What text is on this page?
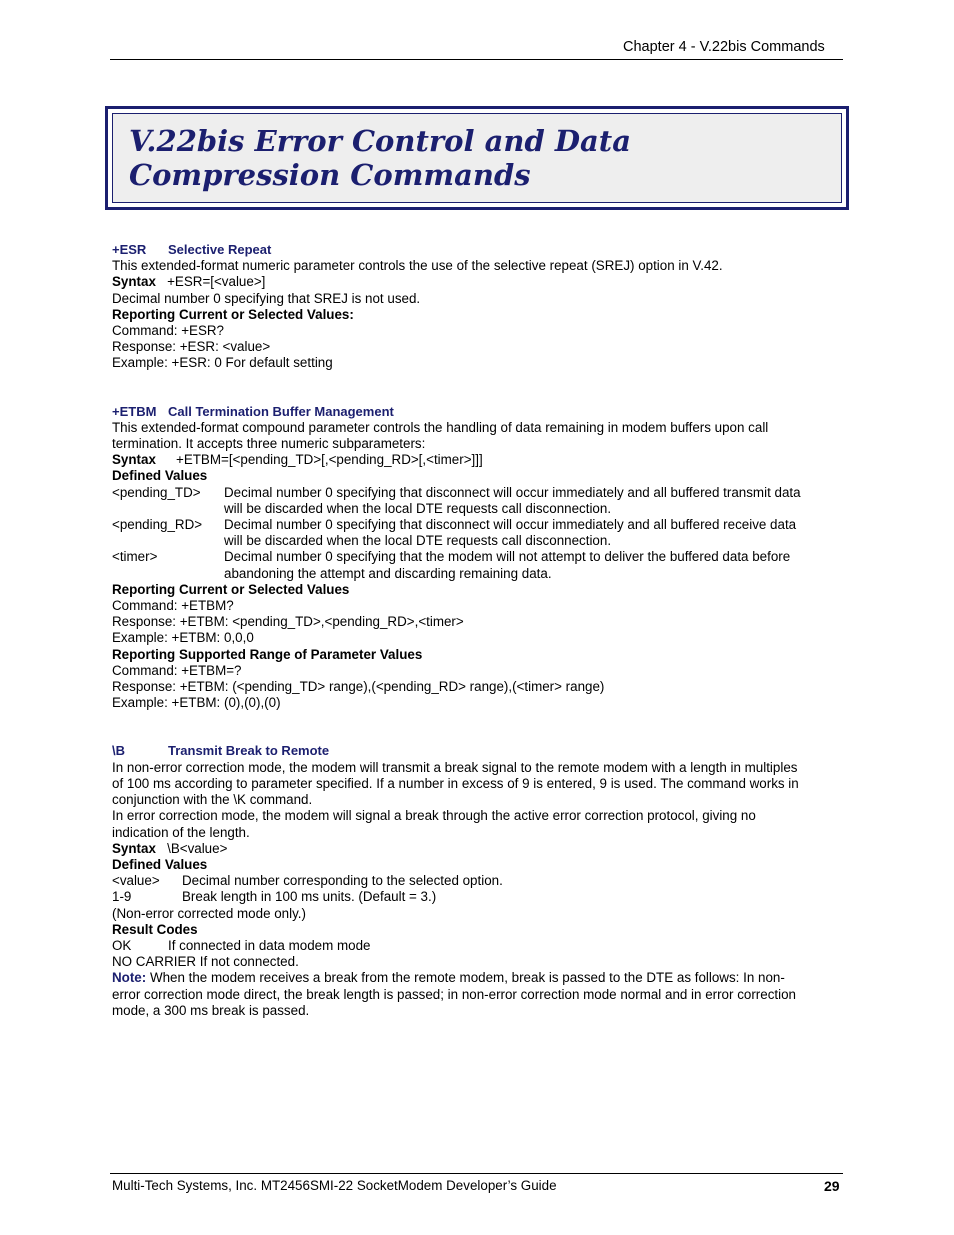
Chapter 4 - V.22bis Commands
V.22bis Error Control and Data
Compression Commands
+ESR Selective Repeat
This extended-format numeric parameter controls the use of the selective repeat (SREJ) option in V.42.
Syntax +ESR=[<value>]
Decimal number 0 specifying that SREJ is not used.
Reporting Current or Selected Values:
Command: +ESR?
Response: +ESR: <value>
Example: +ESR: 0 For default setting
+ETBM Call Termination Buffer Management
This extended-format compound parameter controls the handling of data remaining in modem buffers upon call
termination. It accepts three numeric subparameters:
Syntax +ETBM=[<pending_TD>[,<pending_RD>[,<timer>]]]
Defined Values
<pending_TD>	Decimal number 0 specifying that disconnect will occur immediately and all buffered transmit data
will be discarded when the local DTE requests call disconnection.
<pending_RD>	Decimal number 0 specifying that disconnect will occur immediately and all buffered receive data
will be discarded when the local DTE requests call disconnection.
<timer>	Decimal number 0 specifying that the modem will not attempt to deliver the buffered data before
abandoning the attempt and discarding remaining data.
Reporting Current or Selected Values
Command: +ETBM?
Response: +ETBM: <pending_TD>,<pending_RD>,<timer>
Example: +ETBM: 0,0,0
Reporting Supported Range of Parameter Values
Command: +ETBM=?
Response: +ETBM: (<pending_TD> range),(<pending_RD> range),(<timer> range)
Example: +ETBM: (0),(0),(0)
\B	Transmit Break to Remote
In non-error correction mode, the modem will transmit a break signal to the remote modem with a length in multiples
of 100 ms according to parameter specified. If a number in excess of 9 is entered, 9 is used. The command works in
conjunction with the \K command.
In error correction mode, the modem will signal a break through the active error correction protocol, giving no
indication of the length.
Syntax \B<value>
Defined Values
<value>	Decimal number corresponding to the selected option.
1-9	Break length in 100 ms units. (Default = 3.)
(Non-error corrected mode only.)
Result Codes
OK	If connected in data modem mode
NO CARRIER If not connected.
Note: When the modem receives a break from the remote modem, break is passed to the DTE as follows: In non-
error correction mode direct, the break length is passed; in non-error correction mode normal and in error correction
mode, a 300 ms break is passed.
Multi-Tech Systems, Inc. MT2456SMI-22 SocketModem Developer’s Guide	29
